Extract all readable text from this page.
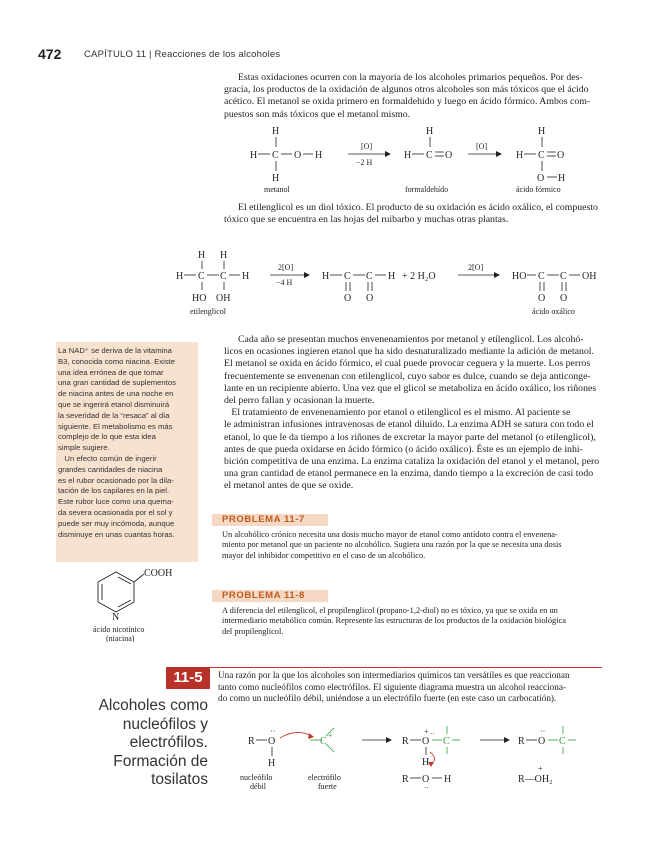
472 CAPÍTULO 11 | Reacciones de los alcoholes
Estas oxidaciones ocurren con la mayoría de los alcoholes primarios pequeños. Por des-
gracia, los productos de la oxidación de algunos otros alcoholes son más tóxicos que el ácido
acético. El metanol se oxida primero en formaldehído y luego en ácido fórmico. Ambos com-
puestos son más tóxicos que el metanol mismo.
H
H C O H
H
metanol
[O]
−2 H
H
H C O
formaldehído
[O]
H
H C O
O H
ácido fórmico
El etilenglicol es un diol tóxico. El producto de su oxidación es ácido oxálico, el compuesto
tóxico que se encuentra en las hojas del ruibarbo y muchas otras plantas.
H H
H C C H
HO OH
etilenglicol
2[O]
−4 H
H C C H
O O
+ 2 H₂O
2[O]
HO C C OH
O O
ácido oxálico

La NAD⁺ se deriva de la vitamina

B3, conocida como niacina. Existe

una idea errónea de que tomar

una gran cantidad de suplementos

de niacina antes de una noche en

que se ingerirá etanol disminuirá

la severidad de la “resaca” al día

siguiente. El metabolismo es más

complejo de lo que esta idea

simple sugiere.

Un efecto común de ingerir

grandes cantidades de niacina

es el rubor ocasionado por la dila-

tación de los capilares en la piel.

Este rubor luce como una quema-

da severa ocasionada por el sol y

puede ser muy incómoda, aunque

disminuye en unas cuantas horas.

COOH
N
ácido nicotínico
(niacina)
Cada año se presentan muchos envenenamientos por metanol y etilenglicol. Los alcohó-
licos en ocasiones ingieren etanol que ha sido desnaturalizado mediante la adición de metanol.
El metanol se oxida en ácido fórmico, el cual puede provocar ceguera y la muerte. Los perros
frecuentemente se envenenan con etilenglicol, cuyo sabor es dulce, cuando se deja anticonge-
lante en un recipiente abierto. Una vez que el glicol se metaboliza en ácido oxálico, los riñones
del perro fallan y ocasionan la muerte.
El tratamiento de envenenamiento por etanol o etilenglicol es el mismo. Al paciente se
le administran infusiones intravenosas de etanol diluido. La enzima ADH se satura con todo el
etanol, lo que le da tiempo a los riñones de excretar la mayor parte del metanol (o etilenglicol),
antes de que pueda oxidarse en ácido fórmico (o ácido oxálico). Éste es un ejemplo de inhi-
bición competitiva de una enzima. La enzima cataliza la oxidación del etanol y el metanol, pero
una gran cantidad de etanol permanece en la enzima, dando tiempo a la excreción de casi todo
el metanol antes de que se oxide.
PROBLEMA 11-7
Un alcohólico crónico necesita una dosis mucho mayor de etanol como antídoto contra el envenena-
miento por metanol que un paciente no alcohólico. Sugiera una razón por la que se necesita una dosis
mayor del inhibidor competitivo en el caso de un alcohólico.
PROBLEMA 11-8
A diferencia del etilenglicol, el propilenglicol (propano-1,2-diol) no es tóxico, ya que se oxida en un
intermediario metabólico común. Represente las estructuras de los productos de la oxidación biológica
del propilenglicol.
11-5
Alcoholes como
nucleófilos y
electrófilos.
Formación de
tosilatos
Una razón por la que los alcoholes son intermediarios químicos tan versátiles es que reaccionan
tanto como nucleófilos como electrófilos. El siguiente diagrama muestra un alcohol reacciona-
do como un nucleófilo débil, uniéndose a un electrófilo fuerte (en este caso un carbocatión).
R O
··
H
C
+
nucleófilo
débil
electrófilo
fuerte
R O
+ ··
C
H
R O
··
C
R O
··
H	R—OH₂
+
